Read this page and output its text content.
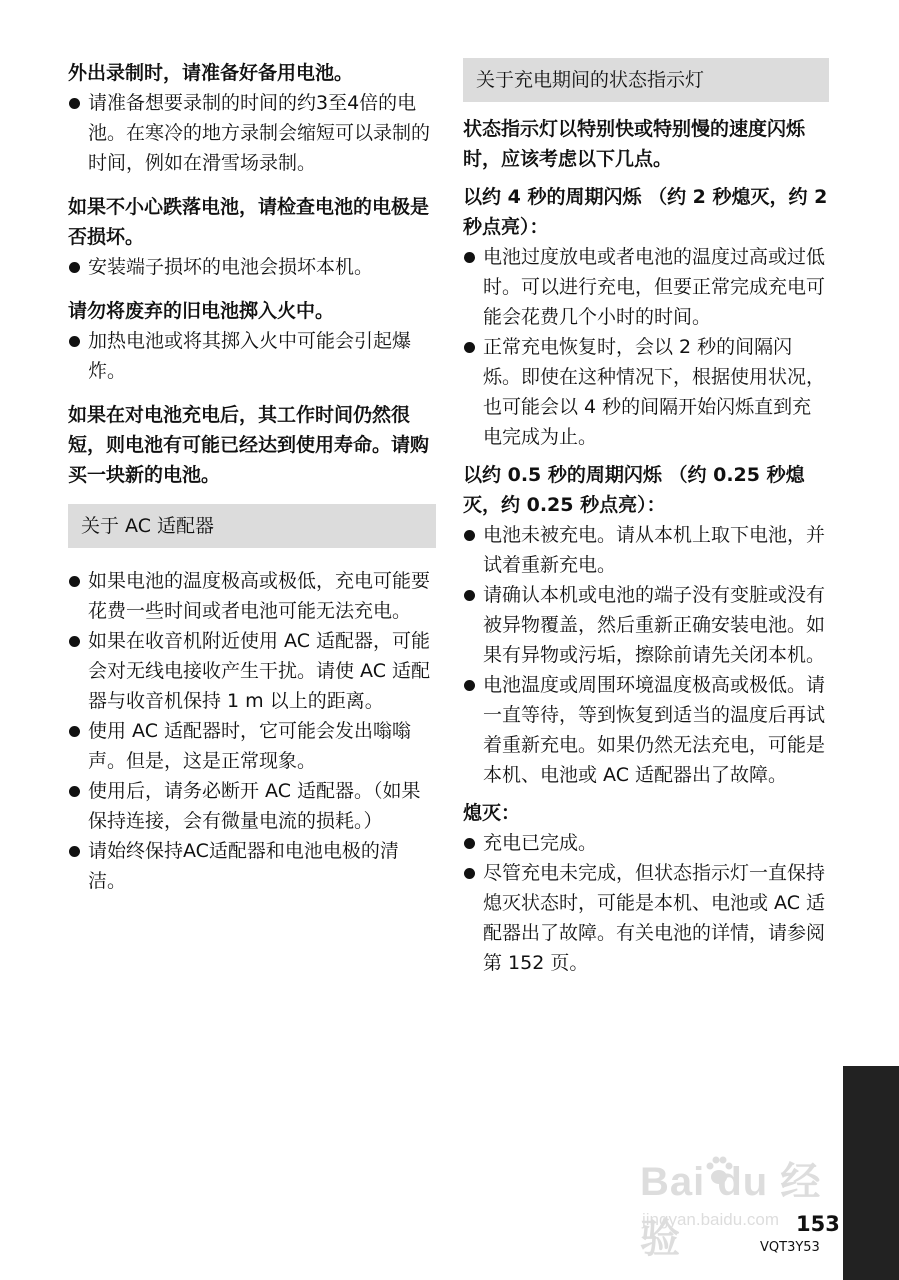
外出录制时，请准备好备用电池。

请准备想要录制的时间的约3至4倍的电池。在寒冷的地方录制会缩短可以录制的时间，例如在滑雪场录制。

如果不小心跌落电池，请检查电池的电极是否损坏。

安装端子损坏的电池会损坏本机。

请勿将废弃的旧电池掷入火中。

加热电池或将其掷入火中可能会引起爆炸。

如果在对电池充电后，其工作时间仍然很短，则电池有可能已经达到使用寿命。请购买一块新的电池。

关于 AC 适配器
如果电池的温度极高或极低，充电可能要花费一些时间或者电池可能无法充电。
如果在收音机附近使用 AC 适配器，可能会对无线电接收产生干扰。请使 AC 适配器与收音机保持 1 m 以上的距离。
使用 AC 适配器时，它可能会发出嗡嗡声。但是，这是正常现象。
使用后，请务必断开 AC 适配器。（如果保持连接，会有微量电流的损耗。）
请始终保持AC适配器和电池电极的清洁。
关于充电期间的状态指示灯

状态指示灯以特别快或特别慢的速度闪烁时，应该考虑以下几点。

以约 4 秒的周期闪烁 （约 2 秒熄灭，约 2 秒点亮）：

电池过度放电或者电池的温度过高或过低时。可以进行充电，但要正常完成充电可能会花费几个小时的时间。
正常充电恢复时，会以 2 秒的间隔闪烁。即使在这种情况下，根据使用状况，也可能会以 4 秒的间隔开始闪烁直到充电完成为止。

以约 0.5 秒的周期闪烁 （约 0.25 秒熄灭，约 0.25 秒点亮）：

电池未被充电。请从本机上取下电池，并试着重新充电。
请确认本机或电池的端子没有变脏或没有被异物覆盖，然后重新正确安装电池。如果有异物或污垢，擦除前请先关闭本机。
电池温度或周围环境温度极高或极低。请一直等待，等到恢复到适当的温度后再试着重新充电。如果仍然无法充电，可能是本机、电池或 AC 适配器出了故障。

熄灭：

充电已完成。
尽管充电未完成，但状态指示灯一直保持熄灭状态时，可能是本机、电池或 AC 适配器出了故障。有关电池的详情，请参阅第 152 页。
Bai du 经验
jingyan.baidu.com 153
VQT3Y53
